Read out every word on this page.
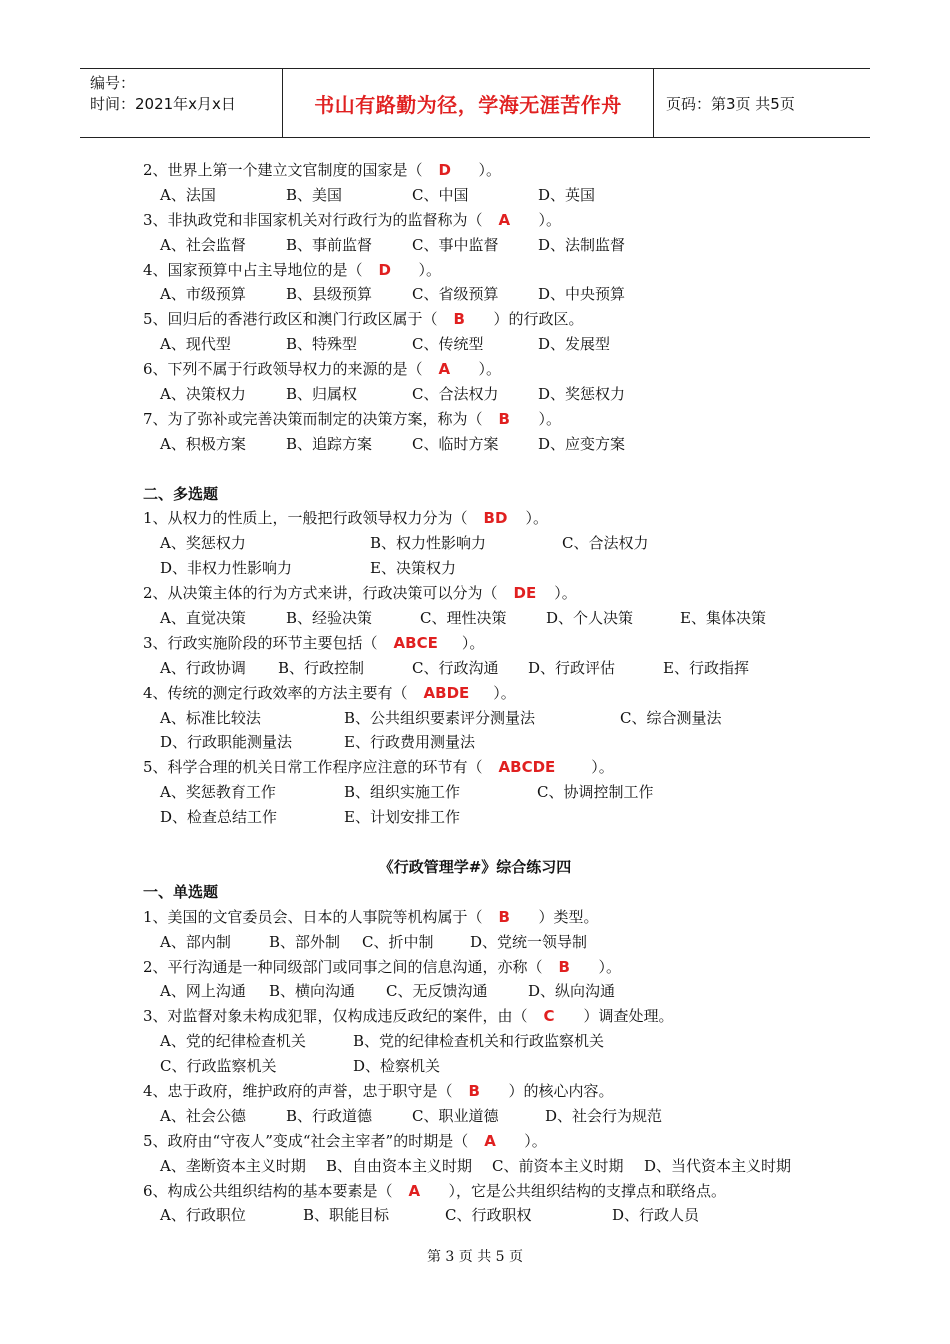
编号：
时间：2021年x月x日	书山有路勤为径，学海无涯苦作舟	页码：第3页 共5页
2、世界上第一个建立文官制度的国家是（ D ）。
A、法国	B、美国	C、中国	D、英国
3、非执政党和非国家机关对行政行为的监督称为（ A ）。
A、社会监督	B、事前监督	C、事中监督	D、法制监督
4、国家预算中占主导地位的是（ D ）。
A、市级预算	B、县级预算	C、省级预算	D、中央预算
5、回归后的香港行政区和澳门行政区属于（ B ）的行政区。
A、现代型	B、特殊型	C、传统型	D、发展型
6、下列不属于行政领导权力的来源的是（ A ）。
A、决策权力	B、归属权	C、合法权力	D、奖惩权力
7、为了弥补或完善决策而制定的决策方案，称为（ B ）。
A、积极方案	B、追踪方案	C、临时方案	D、应变方案
二、多选题
1、从权力的性质上，一般把行政领导权力分为（ BD ）。
A、奖惩权力	B、权力性影响力	C、合法权力
D、非权力性影响力	E、决策权力
2、从决策主体的行为方式来讲，行政决策可以分为（ DE ）。
A、直觉决策	B、经验决策	C、理性决策	D、个人决策	E、集体决策
3、行政实施阶段的环节主要包括（ ABCE ）。
A、行政协调 B、行政控制	C、行政沟通 D、行政评估	E、行政指挥
4、传统的测定行政效率的方法主要有（ ABDE ）。
A、标准比较法	B、公共组织要素评分测量法	C、综合测量法
D、行政职能测量法	E、行政费用测量法
5、科学合理的机关日常工作程序应注意的环节有（ ABCDE ）。
A、奖惩教育工作	B、组织实施工作	C、协调控制工作
D、检查总结工作	E、计划安排工作
《行政管理学#》综合练习四
一、单选题
1、美国的文官委员会、日本的人事院等机构属于（ B ）类型。
A、部内制	B、部外制 C、折中制 D、党统一领导制
2、平行沟通是一种同级部门或同事之间的信息沟通，亦称（ B ）。
A、网上沟通 B、横向沟通 C、无反馈沟通	D、纵向沟通
3、对监督对象未构成犯罪，仅构成违反政纪的案件，由（ C ）调查处理。
A、党的纪律检查机关	B、党的纪律检查机关和行政监察机关
C、行政监察机关	D、检察机关
4、忠于政府，维护政府的声誉，忠于职守是（ B ）的核心内容。
A、社会公德	B、行政道德	C、职业道德	D、社会行为规范
5、政府由“守夜人”变成“社会主宰者”的时期是（ A ）。
A、垄断资本主义时期 B、自由资本主义时期 C、前资本主义时期 D、当代资本主义时期
6、构成公共组织结构的基本要素是（ A ），它是公共组织结构的支撑点和联络点。
A、行政职位	B、职能目标	C、行政职权	D、行政人员
第 3 页 共 5 页
